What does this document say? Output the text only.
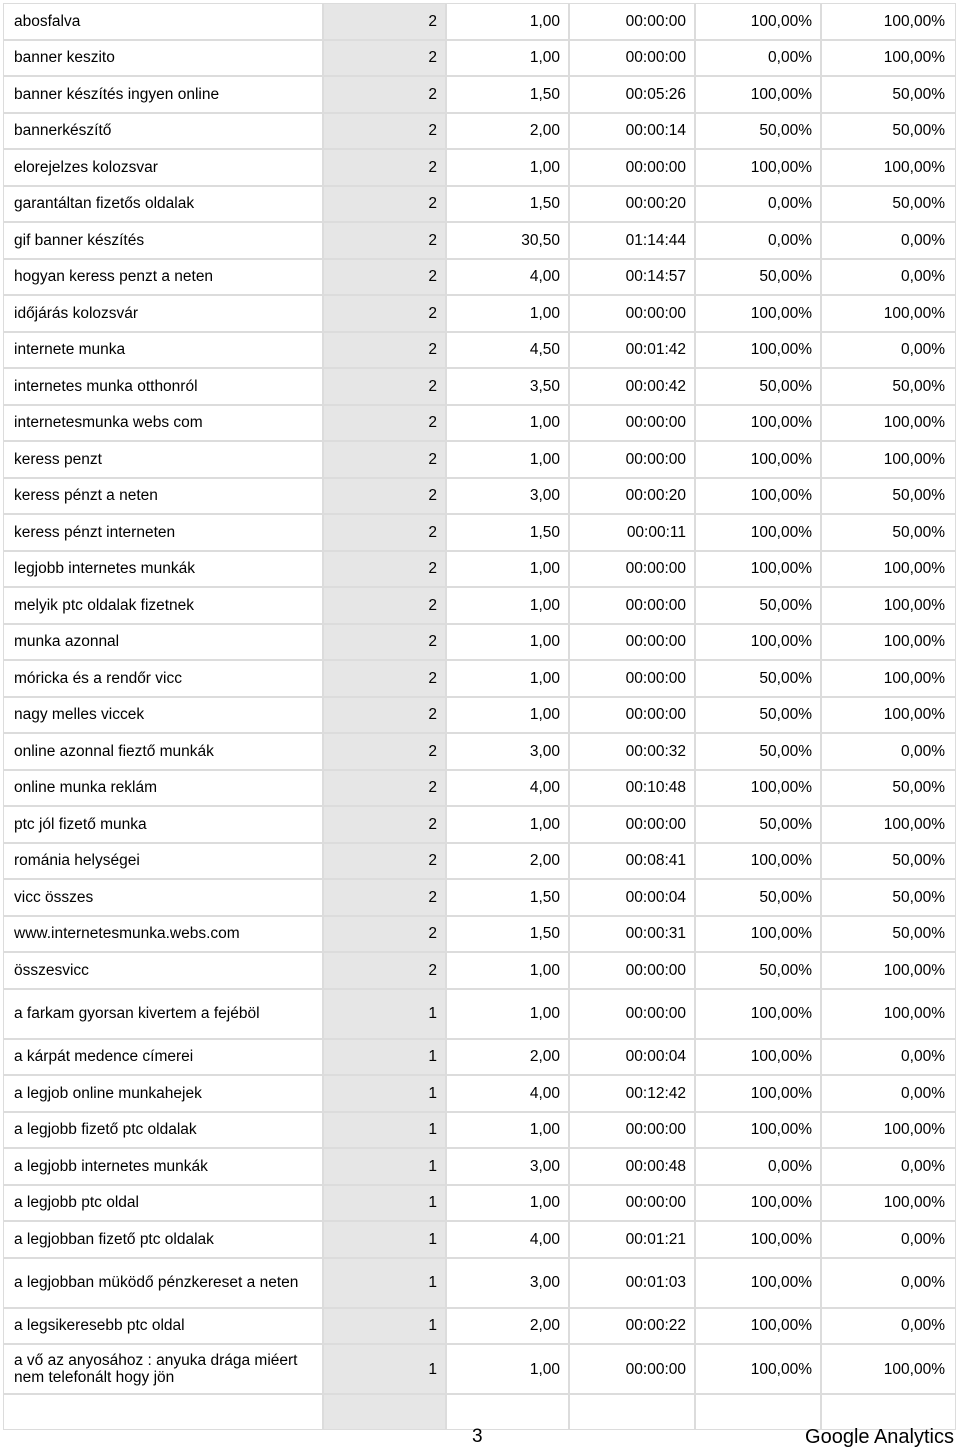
abosfalva	2	1,00	00:00:00	100,00%	100,00%
banner keszito	2	1,00	00:00:00	0,00%	100,00%
banner készítés ingyen online	2	1,50	00:05:26	100,00%	50,00%
bannerkészítő	2	2,00	00:00:14	50,00%	50,00%
elorejelzes kolozsvar	2	1,00	00:00:00	100,00%	100,00%
garantáltan fizetős oldalak	2	1,50	00:00:20	0,00%	50,00%
gif banner készítés	2	30,50	01:14:44	0,00%	0,00%
hogyan keress penzt a neten	2	4,00	00:14:57	50,00%	0,00%
időjárás kolozsvár	2	1,00	00:00:00	100,00%	100,00%
internete munka	2	4,50	00:01:42	100,00%	0,00%
internetes munka otthonról	2	3,50	00:00:42	50,00%	50,00%
internetesmunka webs com	2	1,00	00:00:00	100,00%	100,00%
keress penzt	2	1,00	00:00:00	100,00%	100,00%
keress pénzt a neten	2	3,00	00:00:20	100,00%	50,00%
keress pénzt interneten	2	1,50	00:00:11	100,00%	50,00%
legjobb internetes munkák	2	1,00	00:00:00	100,00%	100,00%
melyik ptc oldalak fizetnek	2	1,00	00:00:00	50,00%	100,00%
munka azonnal	2	1,00	00:00:00	100,00%	100,00%
móricka és a rendőr vicc	2	1,00	00:00:00	50,00%	100,00%
nagy melles viccek	2	1,00	00:00:00	50,00%	100,00%
online azonnal fieztő munkák	2	3,00	00:00:32	50,00%	0,00%
online munka reklám	2	4,00	00:10:48	100,00%	50,00%
ptc jól fizető munka	2	1,00	00:00:00	50,00%	100,00%
románia helységei	2	2,00	00:08:41	100,00%	50,00%
vicc összes	2	1,50	00:00:04	50,00%	50,00%
www.internetesmunka.webs.com	2	1,50	00:00:31	100,00%	50,00%
összesvicc	2	1,00	00:00:00	50,00%	100,00%
a farkam gyorsan kivertem a fejéböl	1	1,00	00:00:00	100,00%	100,00%
a kárpát medence címerei	1	2,00	00:00:04	100,00%	0,00%
a legjob online munkahejek	1	4,00	00:12:42	100,00%	0,00%
a legjobb fizető ptc oldalak	1	1,00	00:00:00	100,00%	100,00%
a legjobb internetes munkák	1	3,00	00:00:48	0,00%	0,00%
a legjobb ptc oldal	1	1,00	00:00:00	100,00%	100,00%
a legjobban fizető ptc oldalak	1	4,00	00:01:21	100,00%	0,00%
a legjobban müködő pénzkereset a neten	1	3,00	00:01:03	100,00%	0,00%
a legsikeresebb ptc oldal	1	2,00	00:00:22	100,00%	0,00%
a vő az anyosához : anyuka drága miéert nem telefonált hogy jön	1	1,00	00:00:00	100,00%	100,00%

3	Google Analytics
